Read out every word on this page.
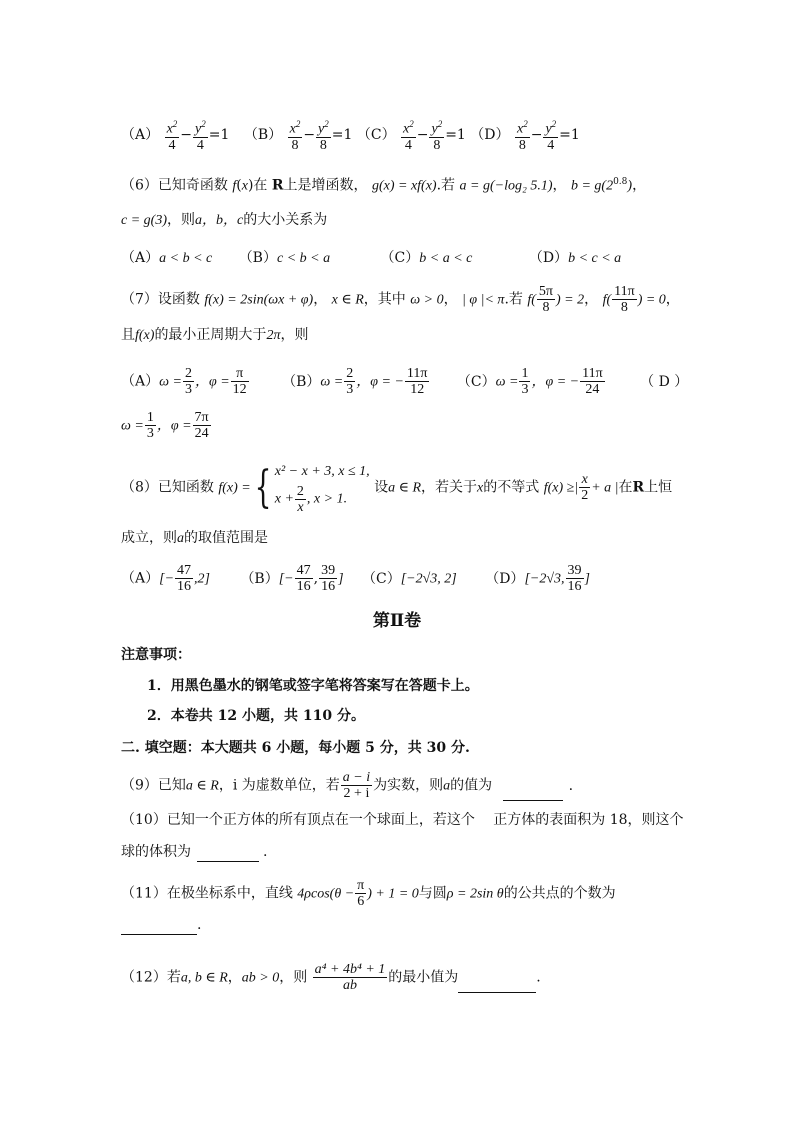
$(A) \frac{x^2}{4} - \frac{y^2}{4} =1$ $(B) \frac{x^2}{8} - \frac{y^2}{8} =1$ $(C) \frac{x^2}{4} - \frac{y^2}{8} =1$ $(D) \frac{x^2}{8} - \frac{y^2}{4} =1$
（6）已知奇函数 f(x)在 R上是增函数， g(x) = xf(x).若 a = g(−log₂ 5.1)， $b = g(2^{0.8})$，
c = g(3)，则a，b，c的大小关系为
（A）a < b < c （B）c < b < a	（C）b < a < c	（D）b < c < a
（7）设函数 f(x) = 2sin(ωx + φ)， x ∈ R，其中 ω > 0， | φ |< π.若 $f( \frac{5\pi}{8}$ ) = 2， $f( \frac{11\pi}{8}$ ) = 0，
且f(x)的最小正周期大于2π，则
$(A)\omega = \frac{2}{3}$ ，$\varphi = \frac{\pi}{12} (B)\omega = \frac{2}{3}$ ，φ = − $\frac{11\pi}{12} (C)\omega = \frac{1}{3}$ ，φ = − $\frac{11\pi}{24}$	（ D ）
$\omega = \frac{1}{3}$ ，$\varphi = \frac{7\pi}{24}$
（8）已知函数 f(x) ={ x² − x + 3, x ≤ 1,
$x + \frac{2}{x}$ , x > 1.
设a ∈ R，若关于x的不等式 f(x) ≥| $\frac{x}{2} + a$ |在R上恒
成立，则a的取值范围是
$(A)[- \frac{47}{16} ,2]$ $(B)[- \frac{47}{16}$ , $\frac{39}{16}$ ] （C）[−2√3, 2] （D）[−2√3, $\frac{39}{16}$ ]
第Ⅱ卷
注意事项：
1．用黑色墨水的钢笔或签字笔将答案写在答题卡上。
2．本卷共 12 小题，共 110 分。
二. 填空题：本大题共 6 小题，每小题 5 分，共 30 分.
（9）已知a ∈ R，i 为虚数单位，若 $\frac{a - i}{2 + i}$ 为实数，则a的值为	.
（10）已知一个正方体的所有顶点在一个球面上，若这个　 正方体的表面积为 18，则这个
球的体积为	.
（11）在极坐标系中，直线 $4\rho\cos(\theta - \frac{\pi}{6}$ ) + 1 = 0与圆ρ = 2sin θ的公共点的个数为
.
（12）若a, b ∈ R，ab > 0，则 $\frac{\text{a⁴ + 4b⁴ + 1}}{ab}$ 的最小值为	.
